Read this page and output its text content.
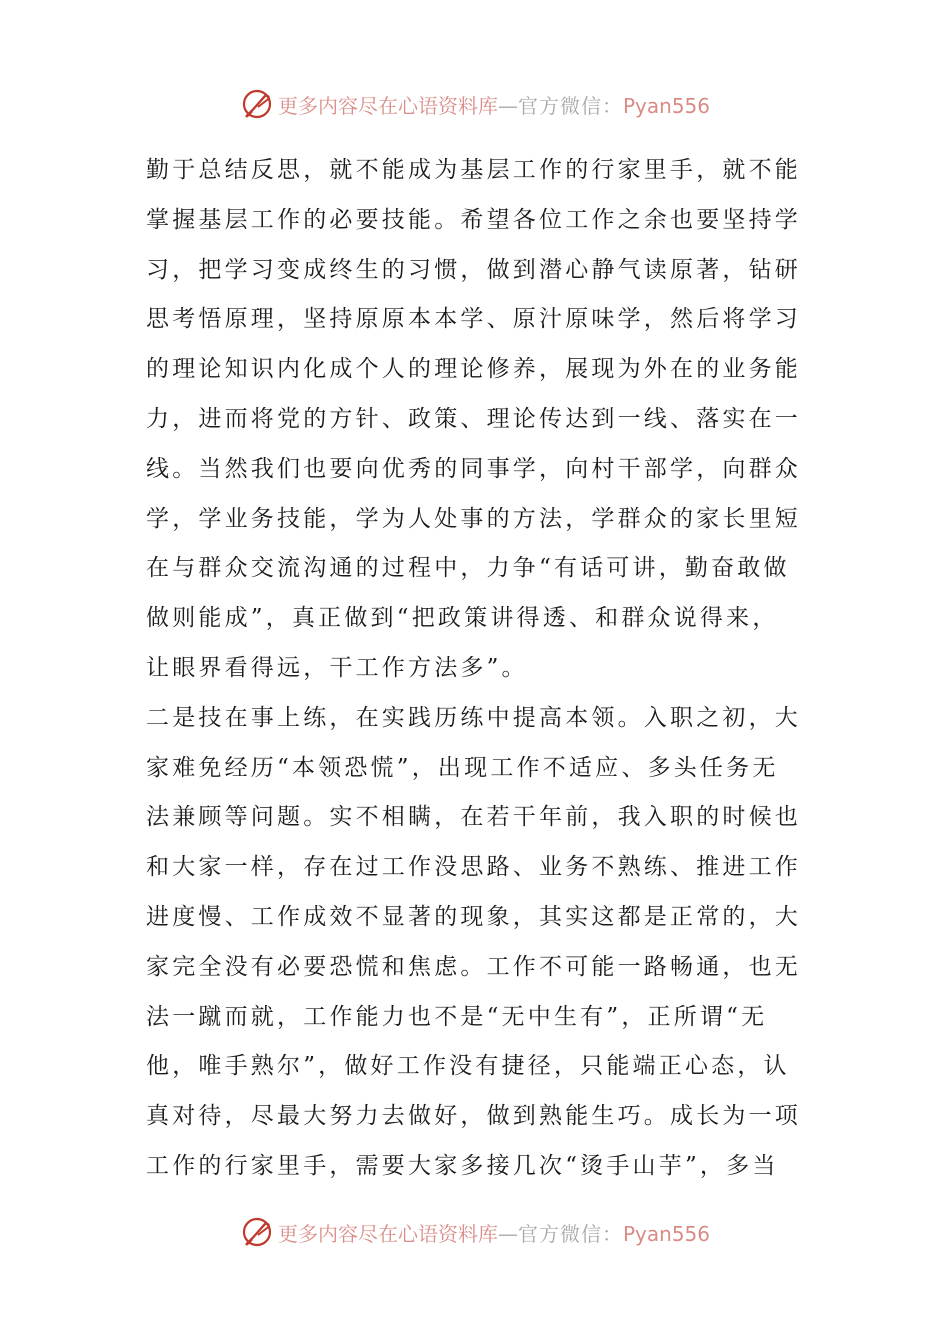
更多内容尽在心语资料库—官方微信：Pyan556
勤于总结反思，就不能成为基层工作的行家里手，就不能
掌握基层工作的必要技能。希望各位工作之余也要坚持学
习，把学习变成终生的习惯，做到潜心静气读原著，钻研
思考悟原理，坚持原原本本学、原汁原味学，然后将学习
的理论知识内化成个人的理论修养，展现为外在的业务能
力，进而将党的方针、政策、理论传达到一线、落实在一
线。当然我们也要向优秀的同事学，向村干部学，向群众
学，学业务技能，学为人处事的方法，学群众的家长里短
在与群众交流沟通的过程中，力争“有话可讲，勤奋敢做
做则能成”，真正做到“把政策讲得透、和群众说得来，
让眼界看得远，干工作方法多”。
二是技在事上练，在实践历练中提高本领。入职之初，大
家难免经历“本领恐慌”，出现工作不适应、多头任务无
法兼顾等问题。实不相瞒，在若干年前，我入职的时候也
和大家一样，存在过工作没思路、业务不熟练、推进工作
进度慢、工作成效不显著的现象，其实这都是正常的，大
家完全没有必要恐慌和焦虑。工作不可能一路畅通，也无
法一蹴而就，工作能力也不是“无中生有”，正所谓“无
他，唯手熟尔”，做好工作没有捷径，只能端正心态，认
真对待，尽最大努力去做好，做到熟能生巧。成长为一项
工作的行家里手，需要大家多接几次“烫手山芋”，多当
更多内容尽在心语资料库—官方微信：Pyan556
